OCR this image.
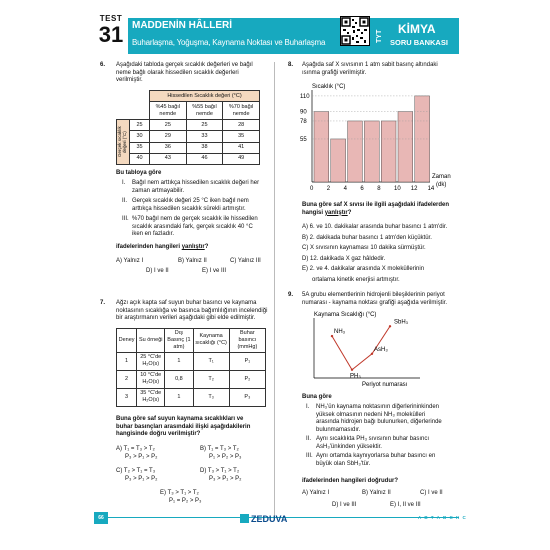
TEST
31 MADDENİN HÂLLERİ
Buharlaşma, Yoğuşma, Kaynama Noktası ve Buharlaşma	TYT
KİMYA
SORU BANKASI
6. Aşağıdaki tabloda gerçek sıcaklık değerleri ve bağıl
neme bağlı olarak hissedilen sıcaklık değerleri
verilmiştir.
		Hissedilen Sıcaklık değeri (°C)		
		%45 bağıl nemde	%55 bağıl nemde	%70 bağıl nemde

Gerçek sıcaklık değeri (°C)	25	25	25	28
	30	29	33	35
	35	36	38	41
	40	43	46	49
Bu tabloya göre
I.	Bağıl nem arttıkça hissedilen sıcaklık değeri her
zaman artmayabilir.
II. Gerçek sıcaklık değeri 25 °C iken bağıl nem
arttıkça hissedilen sıcaklık sürekli artmıştır.
III. %70 bağıl nem de gerçek sıcaklık ile hissedilen
sıcaklık arasındaki fark, gerçek sıcaklık 40 °C
iken en fazladır.
ifadelerinden hangileri yanlıştır?
A) Yalnız I	B) Yalnız II	C) Yalnız III
D) I ve II	E) I ve III
7. Ağzı açık kapta saf suyun buhar basıncı ve kaynama
noktasının sıcaklığa ve basınca bağımlılığının incelendiği
bir araştırmanın verileri aşağıdaki gibi elde edilmiştir.
Deney	Su örneği	Dış Basınç (1 atm)	Kaynama sıcaklığı (°C)	Buhar basıncı (mmHg)
1	25 °C'de H₂O(s)	1	T₁	P₁
2	10 °C'de H₂O(s)	0,8	T₂	P₂
3	35 °C'de H₂O(s)	1	T₃	P₃
Buna göre saf suyun kaynama sıcaklıkları ve
buhar basınçları arasındaki ilişki aşağıdakilerin
hangisinde doğru verilmiştir?
A) T₁ = T₃ > T₂
P₃ > P₁ > P₂
B) T₁ = T₃ > T₂
P₁ > P₂ > P₃
C) T₂ > T₁ = T₃
P₃ > P₁ > P₂
D) T₃ > T₁ > T₂
P₃ > P₁ > P₂
E) T₃ > T₁ > T₂
P₁ = P₂ > P₃
8. Aşağıda saf X sıvısının 1 atm sabit basınç altındaki
ısınma grafiği verilmiştir.
Sıcaklık (°C)
0 2 4 6 8 10 12 14
110
90
78
55
Zaman
(dk)
Buna göre saf X sıvısı ile ilgili aşağıdaki ifadelerden
hangisi yanlıştır?
A) 6. ve 10. dakikalar arasında buhar basıncı 1 atm'dir.
B) 2. dakikada buhar basıncı 1 atm'den küçüktür.
C) X sıvısının kaynaması 10 dakika sürmüştür.
D) 12. dakikada X gaz hâldedir.
E) 2. ve 4. dakikalar arasında X moleküllerinin
ortalama kinetik enerjisi artmıştır.
9. 5A grubu elementlerinin hidrojenli bileşiklerinin periyot
numarası - kaynama noktası grafiği aşağıda verilmiştir.
Kaynama Sıcaklığı (°C)
NH₃
PH₃
AsH₃
SbH₃
Periyot numarası
Buna göre
I.	NH₃'ün kaynama noktasının diğerlerininkinden
yüksek olmasının nedeni NH₃ molekülleri
arasında hidrojen bağı bulunurken, diğerlerinde
bulunmamasıdır.
II. Aynı sıcaklıkta PH₃ sıvısının buhar basıncı
AsH₃'ünkinden yüksektir.
III. Aynı ortamda kaynıyorlarsa buhar basıncı en
büyük olan SbH₃'tür.
ifadelerinden hangileri doğrudur?
A) Yalnız I	B) Yalnız II	C) I ve II
D) I ve III	E) I, II ve III
66	ZEDUVA	A B T A B C K C
